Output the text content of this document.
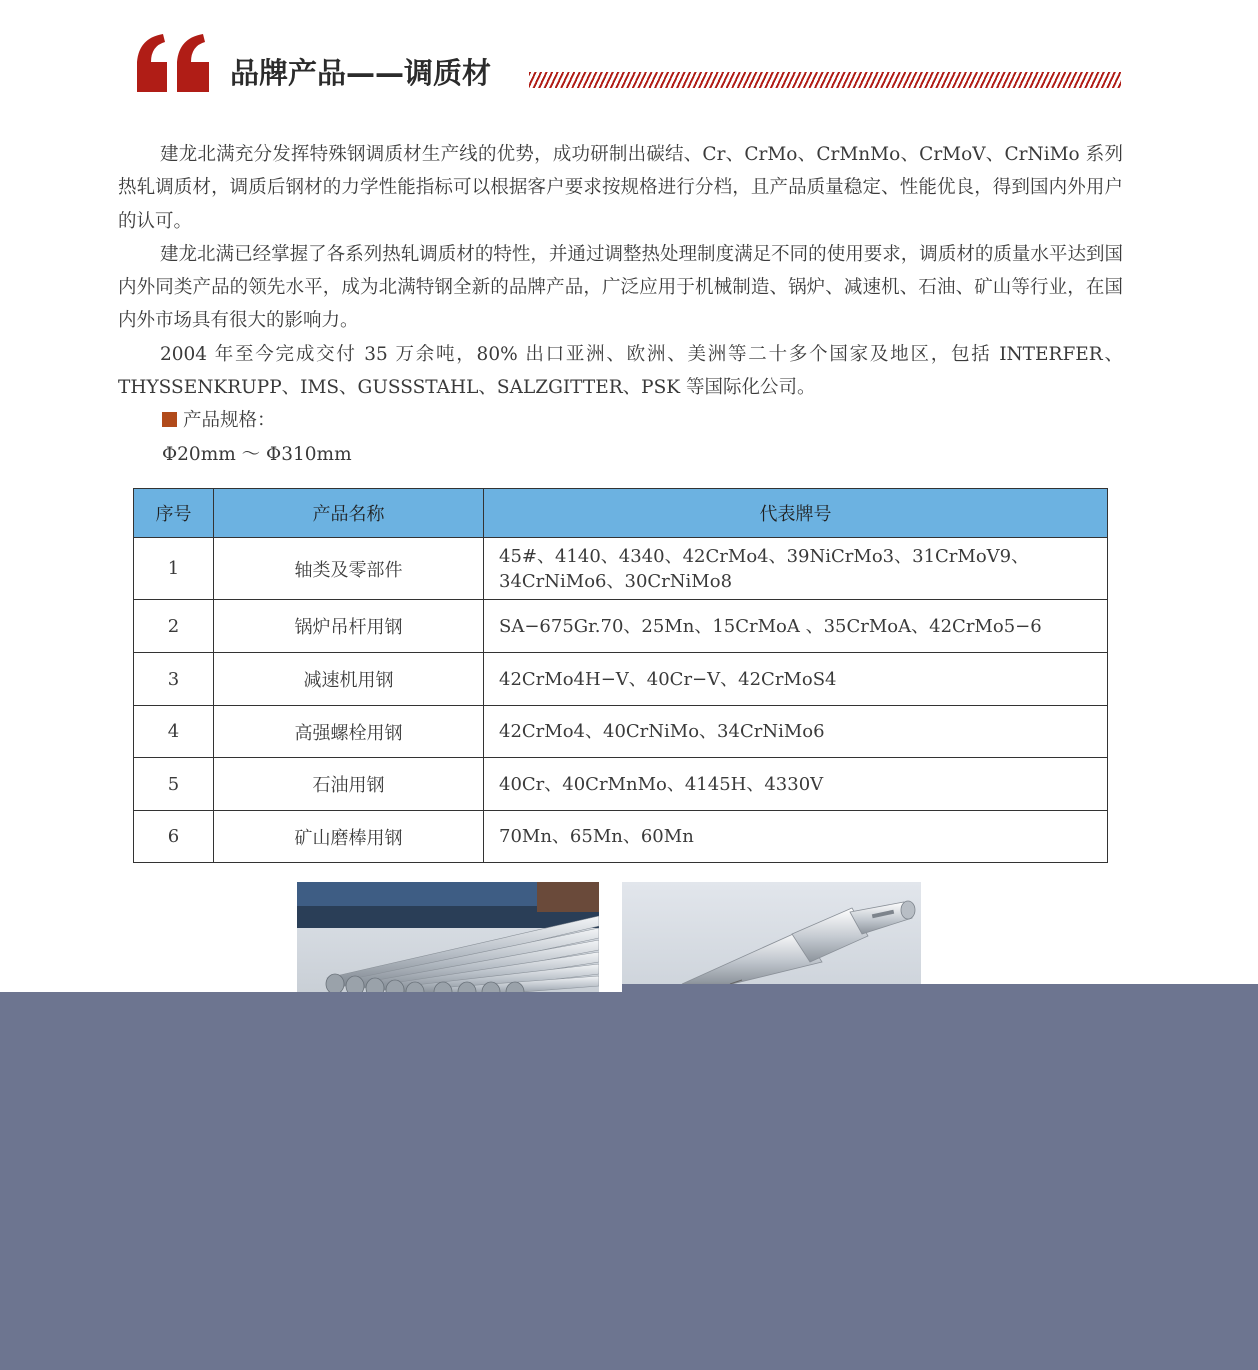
品牌产品——调质材

建龙北满充分发挥特殊钢调质材生产线的优势，成功研制出碳结、Cr、CrMo、CrMnMo、CrMoV、CrNiMo 系列热轧调质材，调质后钢材的力学性能指标可以根据客户要求按规格进行分档，且产品质量稳定、性能优良，得到国内外用户的认可。

建龙北满已经掌握了各系列热轧调质材的特性，并通过调整热处理制度满足不同的使用要求，调质材的质量水平达到国内外同类产品的领先水平，成为北满特钢全新的品牌产品，广泛应用于机械制造、锅炉、减速机、石油、矿山等行业，在国内外市场具有很大的影响力。

2004 年至今完成交付 35 万余吨，80% 出口亚洲、欧洲、美洲等二十多个国家及地区，包括 INTERFER、THYSSENKRUPP、IMS、GUSSSTAHL、SALZGITTER、PSK 等国际化公司。

产品规格：
Φ20mm ～ Φ310mm
序号	产品名称	代表牌号
1	轴类及零部件	45#、4140、4340、42CrMo4、39NiCrMo3、31CrMoV9、
34CrNiMo6、30CrNiMo8
2	锅炉吊杆用钢	SA−675Gr.70、25Mn、15CrMoA 、35CrMoA、42CrMo5−6
3	减速机用钢	42CrMo4H−V、40Cr−V、42CrMoS4
4	高强螺栓用钢	42CrMo4、40CrNiMo、34CrNiMo6
5	石油用钢	40Cr、40CrMnMo、4145H、4330V
6	矿山磨棒用钢	70Mn、65Mn、60Mn
